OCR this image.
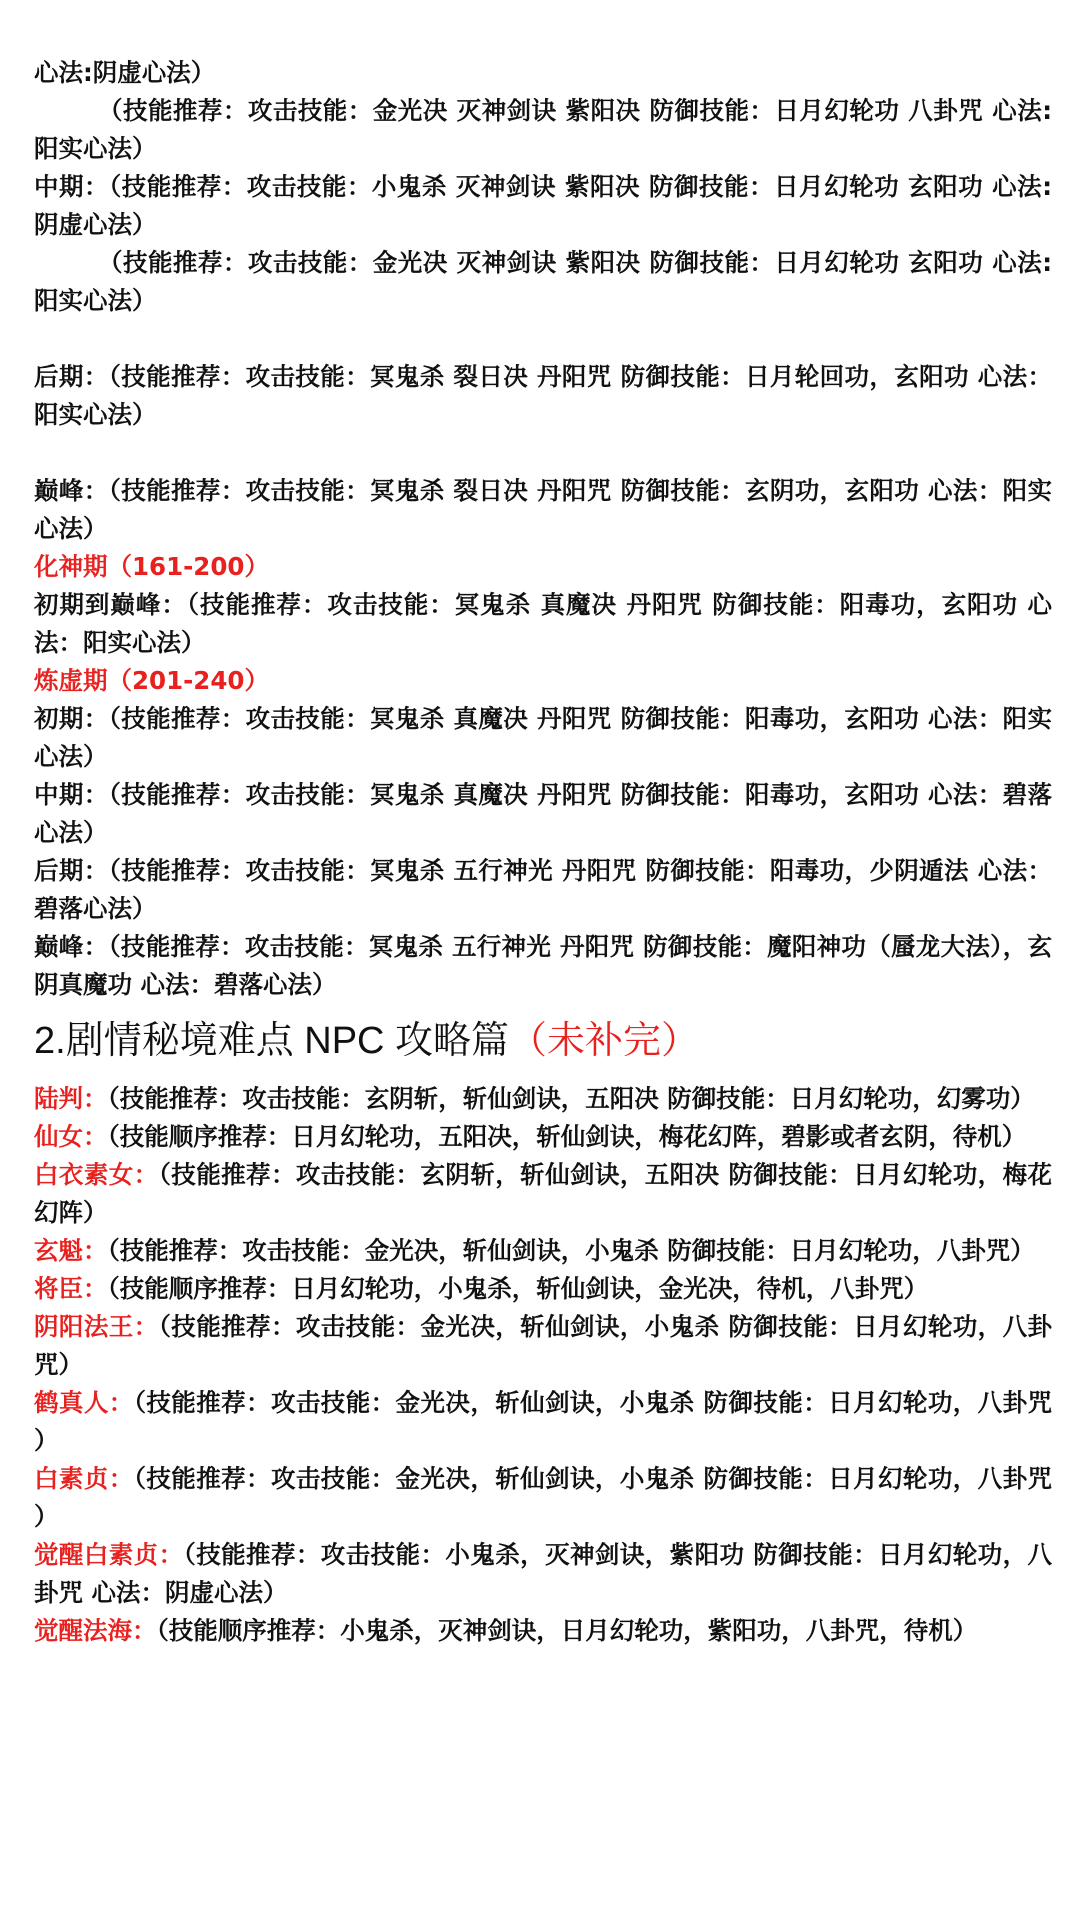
心法:阴虚心法）

（技能推荐：攻击技能：金光决 灭神剑诀 紫阳决 防御技能：日月幻轮功 八卦咒 心法:阳实心法）

中期：（技能推荐：攻击技能：小鬼杀 灭神剑诀 紫阳决 防御技能：日月幻轮功 玄阳功 心法:阴虚心法）

（技能推荐：攻击技能：金光决 灭神剑诀 紫阳决 防御技能：日月幻轮功 玄阳功 心法:阳实心法）

后期：（技能推荐：攻击技能：冥鬼杀 裂日决 丹阳咒 防御技能：日月轮回功，玄阳功 心法：阳实心法）

巅峰：（技能推荐：攻击技能：冥鬼杀 裂日决 丹阳咒 防御技能：玄阴功，玄阳功 心法：阳实心法）

化神期（161-200）

初期到巅峰：（技能推荐：攻击技能：冥鬼杀 真魔决 丹阳咒 防御技能：阳毒功，玄阳功 心法：阳实心法）

炼虚期（201-240）

初期：（技能推荐：攻击技能：冥鬼杀 真魔决 丹阳咒 防御技能：阳毒功，玄阳功 心法：阳实心法）

中期：（技能推荐：攻击技能：冥鬼杀 真魔决 丹阳咒 防御技能：阳毒功，玄阳功 心法：碧落心法）

后期：（技能推荐：攻击技能：冥鬼杀 五行神光 丹阳咒 防御技能：阳毒功，少阴遁法 心法：碧落心法）

巅峰：（技能推荐：攻击技能：冥鬼杀 五行神光 丹阳咒 防御技能：魔阳神功（蜃龙大法），玄阴真魔功 心法：碧落心法）

2.剧情秘境难点 NPC 攻略篇（未补完）

陆判：（技能推荐：攻击技能：玄阴斩，斩仙剑诀，五阳决 防御技能：日月幻轮功，幻雾功）

仙女：（技能顺序推荐：日月幻轮功，五阳决，斩仙剑诀，梅花幻阵，碧影或者玄阴，待机）

白衣素女：（技能推荐：攻击技能：玄阴斩，斩仙剑诀，五阳决 防御技能：日月幻轮功，梅花幻阵）

玄魁：（技能推荐：攻击技能：金光决，斩仙剑诀，小鬼杀 防御技能：日月幻轮功，八卦咒）

将臣：（技能顺序推荐：日月幻轮功，小鬼杀，斩仙剑诀，金光决，待机，八卦咒）

阴阳法王：（技能推荐：攻击技能：金光决，斩仙剑诀，小鬼杀 防御技能：日月幻轮功，八卦咒）

鹤真人：（技能推荐：攻击技能：金光决，斩仙剑诀，小鬼杀 防御技能：日月幻轮功，八卦咒 ）

白素贞：（技能推荐：攻击技能：金光决，斩仙剑诀，小鬼杀 防御技能：日月幻轮功，八卦咒 ）

觉醒白素贞：（技能推荐：攻击技能：小鬼杀，灭神剑诀，紫阳功 防御技能：日月幻轮功，八卦咒 心法：阴虚心法）

觉醒法海：（技能顺序推荐：小鬼杀，灭神剑诀，日月幻轮功，紫阳功，八卦咒，待机）
